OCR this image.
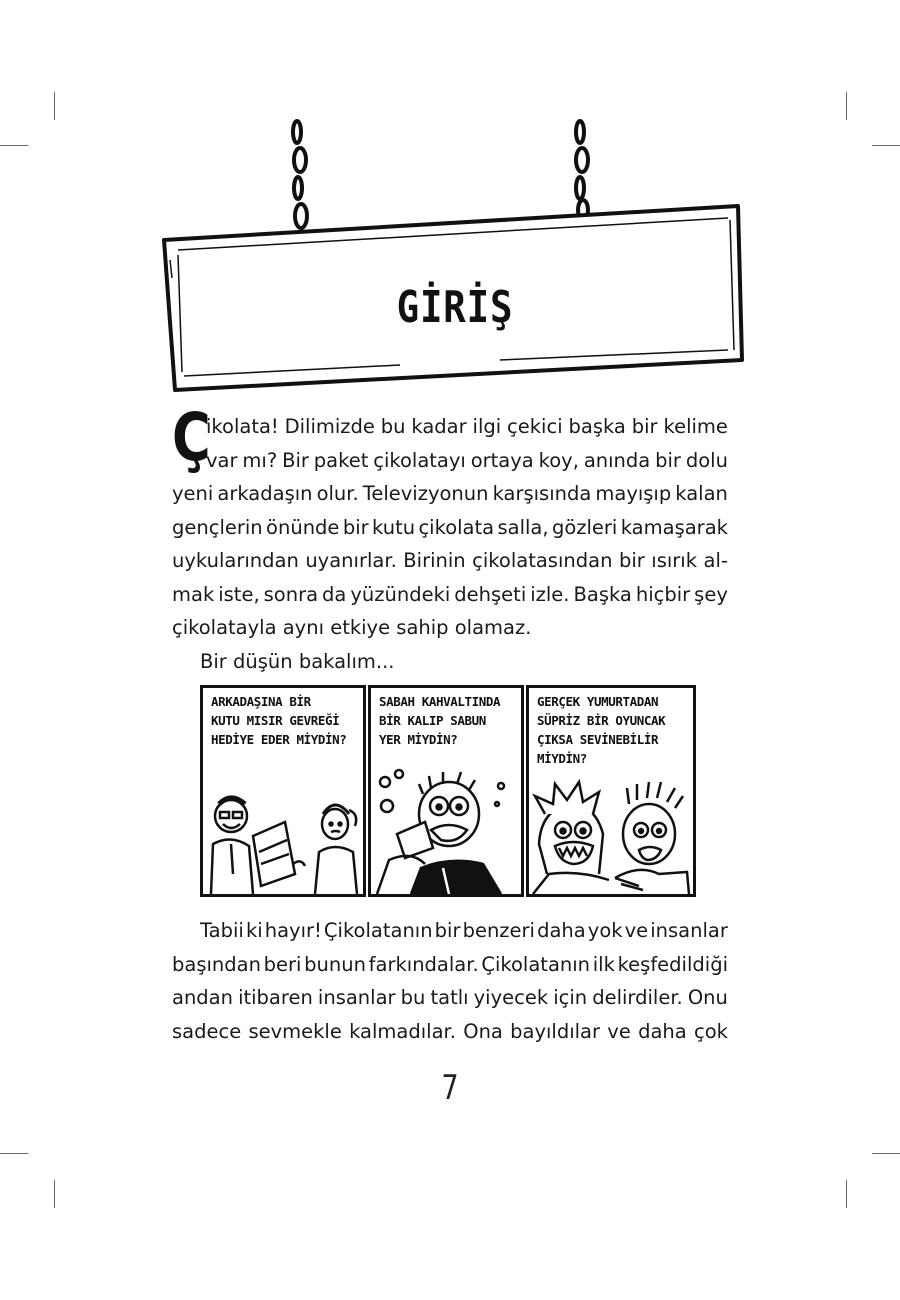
GİRİŞ
Ç
ikolata! Dilimizde bu kadar ilgi çekici başka bir kelime
var mı? Bir paket çikolatayı ortaya koy, anında bir dolu
yeni arkadaşın olur. Televizyonun karşısında mayışıp kalan
gençlerin önünde bir kutu çikolata salla, gözleri kamaşarak
uykularından uyanırlar. Birinin çikolatasından bir ısırık al-
mak iste, sonra da yüzündeki dehşeti izle. Başka hiçbir şey
çikolatayla aynı etkiye sahip olamaz.
Bir düşün bakalım...
ARKADAŞINA BİR
KUTU MISIR GEVREĞİ
HEDİYE EDER MİYDİN?
SABAH KAHVALTINDA
BİR KALIP SABUN
YER MİYDİN?
GERÇEK YUMURTADAN
SÜPRİZ BİR OYUNCAK
ÇIKSA SEVİNEBİLİR
MİYDİN?
Tabii ki hayır! Çikolatanın bir benzeri daha yok ve insanlar
başından beri bunun farkındalar. Çikolatanın ilk keşfedildiği
andan itibaren insanlar bu tatlı yiyecek için delirdiler. Onu
sadece sevmekle kalmadılar. Ona bayıldılar ve daha çok
7
